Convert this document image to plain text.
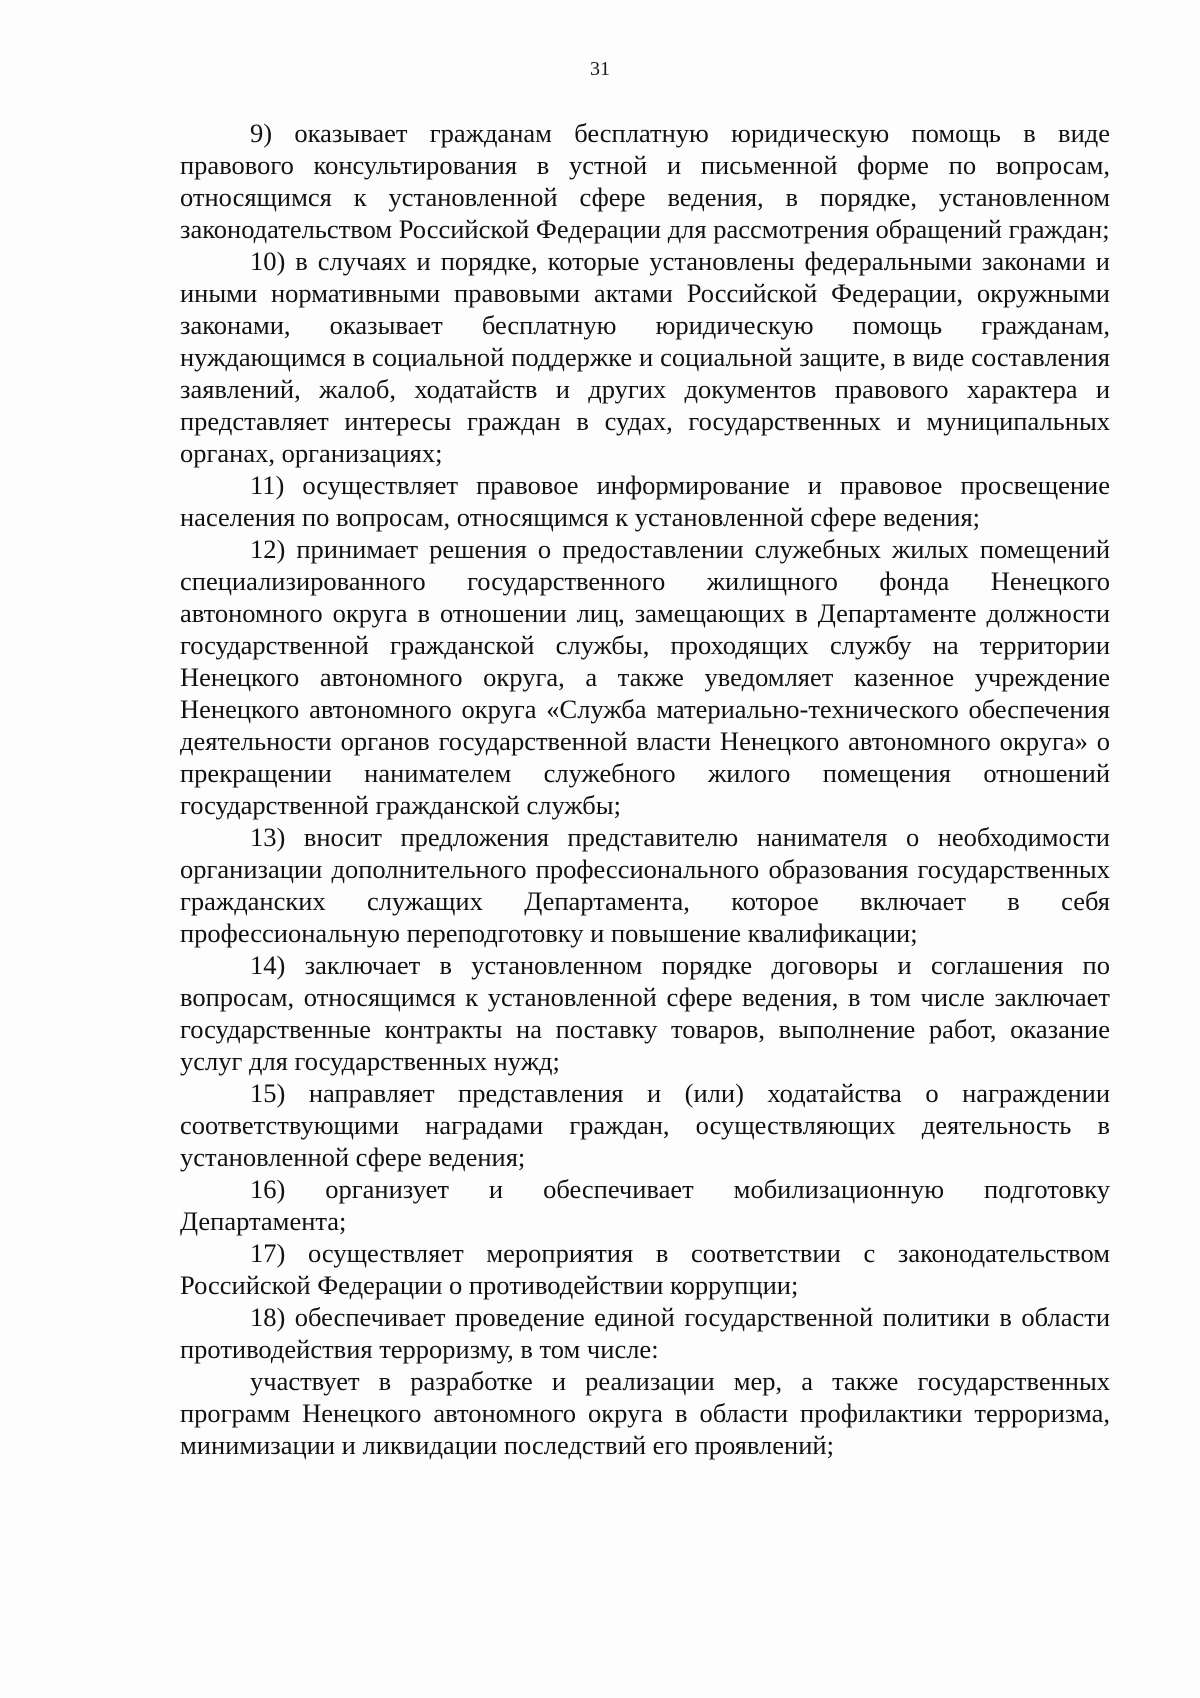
31

9) оказывает гражданам бесплатную юридическую помощь в виде правового консультирования в устной и письменной форме по вопросам, относящимся к установленной сфере ведения, в порядке, установленном законодательством Российской Федерации для рассмотрения обращений граждан;

10) в случаях и порядке, которые установлены федеральными законами и иными нормативными правовыми актами Российской Федерации, окружными законами, оказывает бесплатную юридическую помощь гражданам, нуждающимся в социальной поддержке и социальной защите, в виде составления заявлений, жалоб, ходатайств и других документов правового характера и представляет интересы граждан в судах, государственных и муниципальных органах, организациях;

11) осуществляет правовое информирование и правовое просвещение населения по вопросам, относящимся к установленной сфере ведения;

12) принимает решения о предоставлении служебных жилых помещений специализированного государственного жилищного фонда Ненецкого автономного округа в отношении лиц, замещающих в Департаменте должности государственной гражданской службы, проходящих службу на территории Ненецкого автономного округа, а также уведомляет казенное учреждение Ненецкого автономного округа «Служба материально-технического обеспечения деятельности органов государственной власти Ненецкого автономного округа» о прекращении нанимателем служебного жилого помещения отношений государственной гражданской службы;

13) вносит предложения представителю нанимателя о необходимости организации дополнительного профессионального образования государственных гражданских служащих Департамента, которое включает в себя профессиональную переподготовку и повышение квалификации;

14) заключает в установленном порядке договоры и соглашения по вопросам, относящимся к установленной сфере ведения, в том числе заключает государственные контракты на поставку товаров, выполнение работ, оказание услуг для государственных нужд;

15) направляет представления и (или) ходатайства о награждении соответствующими наградами граждан, осуществляющих деятельность в установленной сфере ведения;

16) организует и обеспечивает мобилизационную подготовку Департамента;

17) осуществляет мероприятия в соответствии с законодательством Российской Федерации о противодействии коррупции;

18) обеспечивает проведение единой государственной политики в области противодействия терроризму, в том числе:

участвует в разработке и реализации мер, а также государственных программ Ненецкого автономного округа в области профилактики терроризма, минимизации и ликвидации последствий его проявлений;
